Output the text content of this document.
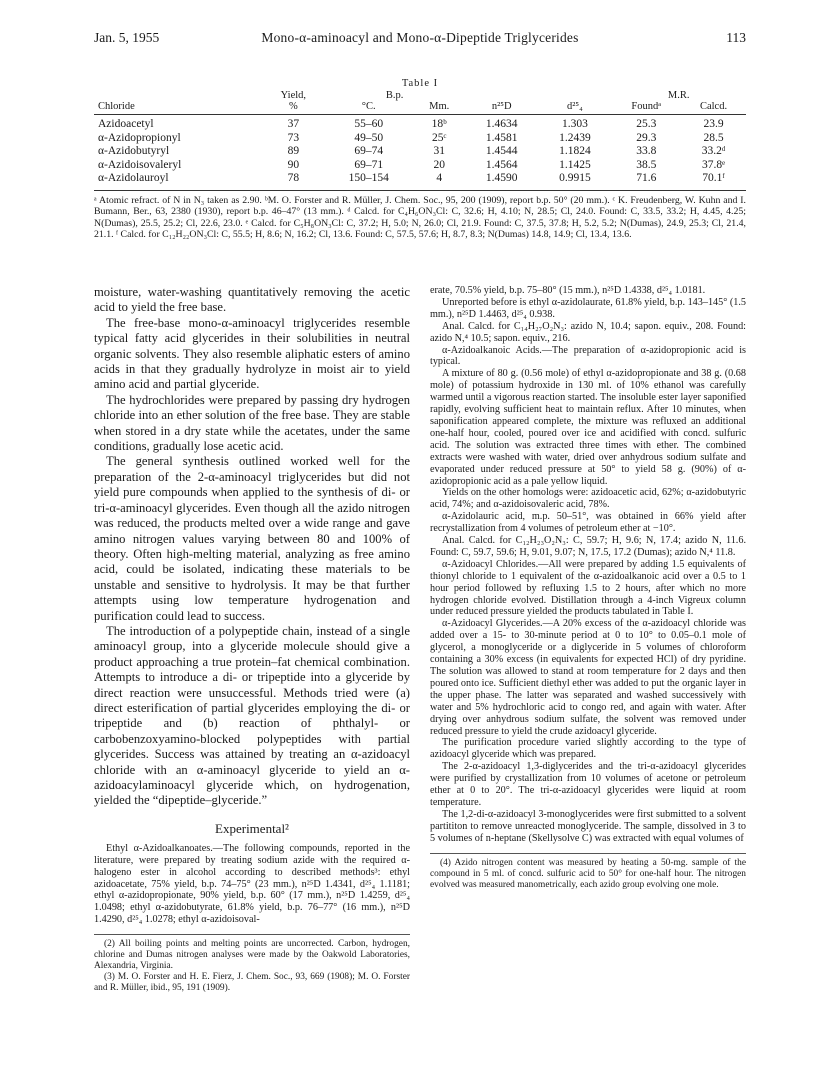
Jan. 5, 1955	Mono-α-aminoacyl and Mono-α-Dipeptide Triglycerides	113
Table I
	Yield,	B.p.				M.R.	
Chloride	%	°C.	Mm.	n²⁵D	d²⁵₄	Foundᵃ	Calcd.
Azidoacetyl	37	55–60	18ᵇ	1.4634	1.303	25.3	23.9
α-Azidopropionyl	73	49–50	25ᶜ	1.4581	1.2439	29.3	28.5
α-Azidobutyryl	89	69–74	31	1.4544	1.1824	33.8	33.2ᵈ
α-Azidoisovaleryl	90	69–71	20	1.4564	1.1425	38.5	37.8ᵉ
α-Azidolauroyl	78	150–154	4	1.4590	0.9915	71.6	70.1ᶠ
ᵃ Atomic refract. of N in N₃ taken as 2.90. ᵇM. O. Forster and R. Müller, J. Chem. Soc., 95, 200 (1909), report b.p. 50° (20 mm.). ᶜ K. Freudenberg, W. Kuhn and I. Bumann, Ber., 63, 2380 (1930), report b.p. 46–47° (13 mm.). ᵈ Calcd. for C₄H₆ON₃Cl: C, 32.6; H, 4.10; N, 28.5; Cl, 24.0. Found: C, 33.5, 33.2; H, 4.45, 4.25; N(Dumas), 25.5, 25.2; Cl, 22.6, 23.0. ᵉ Calcd. for C₅H₈ON₃Cl: C, 37.2; H, 5.0; N, 26.0; Cl, 21.9. Found: C, 37.5, 37.8; H, 5.2, 5.2; N(Dumas), 24.9, 25.3; Cl, 21.4, 21.1. ᶠ Calcd. for C₁₂H₂₂ON₃Cl: C, 55.5; H, 8.6; N, 16.2; Cl, 13.6. Found: C, 57.5, 57.6; H, 8.7, 8.3; N(Dumas) 14.8, 14.9; Cl, 13.4, 13.6.

moisture, water-washing quantitatively removing the acetic acid to yield the free base.

The free-base mono-α-aminoacyl triglycerides resemble typical fatty acid glycerides in their solubilities in neutral organic solvents. They also resemble aliphatic esters of amino acids in that they gradually hydrolyze in moist air to yield amino acid and partial glyceride.

The hydrochlorides were prepared by passing dry hydrogen chloride into an ether solution of the free base. They are stable when stored in a dry state while the acetates, under the same conditions, gradually lose acetic acid.

The general synthesis outlined worked well for the preparation of the 2-α-aminoacyl triglycerides but did not yield pure compounds when applied to the synthesis of di- or tri-α-aminoacyl glycerides. Even though all the azido nitrogen was reduced, the products melted over a wide range and gave amino nitrogen values varying between 80 and 100% of theory. Often high-melting material, analyzing as free amino acid, could be isolated, indicating these materials to be unstable and sensitive to hydrolysis. It may be that further attempts using low temperature hydrogenation and purification could lead to success.

The introduction of a polypeptide chain, instead of a single aminoacyl group, into a glyceride molecule should give a product approaching a true protein–fat chemical combination. Attempts to introduce a di- or tripeptide into a glyceride by direct reaction were unsuccessful. Methods tried were (a) direct esterification of partial glycerides employing the di- or tripeptide and (b) reaction of phthalyl- or carbobenzoxyamino-blocked polypeptides with partial glycerides. Success was attained by treating an α-azidoacyl chloride with an α-aminoacyl glyceride to yield an α-azidoacylaminoacyl glyceride which, on hydrogenation, yielded the “dipeptide–glyceride.”

Experimental²

Ethyl α-Azidoalkanoates.—The following compounds, reported in the literature, were prepared by treating sodium azide with the required α-halogeno ester in alcohol according to described methods³: ethyl azidoacetate, 75% yield, b.p. 74–75° (23 mm.), n²⁵D 1.4341, d²⁵₄ 1.1181; ethyl α-azidopropionate, 90% yield, b.p. 60° (17 mm.), n²⁵D 1.4259, d²⁵₄ 1.0498; ethyl α-azidobutyrate, 61.8% yield, b.p. 76–77° (16 mm.), n²⁵D 1.4290, d²⁵₄ 1.0278; ethyl α-azidoisoval-

(2) All boiling points and melting points are uncorrected. Carbon, hydrogen, chlorine and Dumas nitrogen analyses were made by the Oakwold Laboratories, Alexandria, Virginia.

(3) M. O. Forster and H. E. Fierz, J. Chem. Soc., 93, 669 (1908); M. O. Forster and R. Müller, ibid., 95, 191 (1909).

erate, 70.5% yield, b.p. 75–80° (15 mm.), n²⁵D 1.4338, d²⁵₄ 1.0181.

Unreported before is ethyl α-azidolaurate, 61.8% yield, b.p. 143–145° (1.5 mm.), n²⁵D 1.4463, d²⁵₄ 0.938.

Anal. Calcd. for C₁₄H₂₇O₂N₃: azido N, 10.4; sapon. equiv., 208. Found: azido N,⁴ 10.5; sapon. equiv., 216.

α-Azidoalkanoic Acids.—The preparation of α-azidopropionic acid is typical.

A mixture of 80 g. (0.56 mole) of ethyl α-azidopropionate and 38 g. (0.68 mole) of potassium hydroxide in 130 ml. of 10% ethanol was carefully warmed until a vigorous reaction started. The insoluble ester layer saponified rapidly, evolving sufficient heat to maintain reflux. After 10 minutes, when saponification appeared complete, the mixture was refluxed an additional one-half hour, cooled, poured over ice and acidified with concd. sulfuric acid. The solution was extracted three times with ether. The combined extracts were washed with water, dried over anhydrous sodium sulfate and evaporated under reduced pressure at 50° to yield 58 g. (90%) of α-azidopropionic acid as a pale yellow liquid.

Yields on the other homologs were: azidoacetic acid, 62%; α-azidobutyric acid, 74%; and α-azidoisovaleric acid, 78%.

α-Azidolauric acid, m.p. 50–51°, was obtained in 66% yield after recrystallization from 4 volumes of petroleum ether at −10°.

Anal. Calcd. for C₁₂H₂₃O₂N₃: C, 59.7; H, 9.6; N, 17.4; azido N, 11.6. Found: C, 59.7, 59.6; H, 9.01, 9.07; N, 17.5, 17.2 (Dumas); azido N,⁴ 11.8.

α-Azidoacyl Chlorides.—All were prepared by adding 1.5 equivalents of thionyl chloride to 1 equivalent of the α-azidoalkanoic acid over a 0.5 to 1 hour period followed by refluxing 1.5 to 2 hours, after which no more hydrogen chloride evolved. Distillation through a 4-inch Vigreux column under reduced pressure yielded the products tabulated in Table I.

α-Azidoacyl Glycerides.—A 20% excess of the α-azidoacyl chloride was added over a 15- to 30-minute period at 0 to 10° to 0.05–0.1 mole of glycerol, a monoglyceride or a diglyceride in 5 volumes of chloroform containing a 30% excess (in equivalents for expected HCl) of dry pyridine. The solution was allowed to stand at room temperature for 2 days and then poured onto ice. Sufficient diethyl ether was added to put the organic layer in the upper phase. The latter was separated and washed successively with water and 5% hydrochloric acid to congo red, and again with water. After drying over anhydrous sodium sulfate, the solvent was removed under reduced pressure to yield the crude azidoacyl glyceride.

The purification procedure varied slightly according to the type of azidoacyl glyceride which was prepared.

The 2-α-azidoacyl 1,3-diglycerides and the tri-α-azidoacyl glycerides were purified by crystallization from 10 volumes of acetone or petroleum ether at 0 to 20°. The tri-α-azidoacyl glycerides were liquid at room temperature.

The 1,2-di-α-azidoacyl 3-monoglycerides were first submitted to a solvent partititon to remove unreacted monoglyceride. The sample, dissolved in 3 to 5 volumes of n-heptane (Skellysolve C) was extracted with equal volumes of

(4) Azido nitrogen content was measured by heating a 50-mg. sample of the compound in 5 ml. of concd. sulfuric acid to 50° for one-half hour. The nitrogen evolved was measured manometrically, each azido group evolving one mole.
